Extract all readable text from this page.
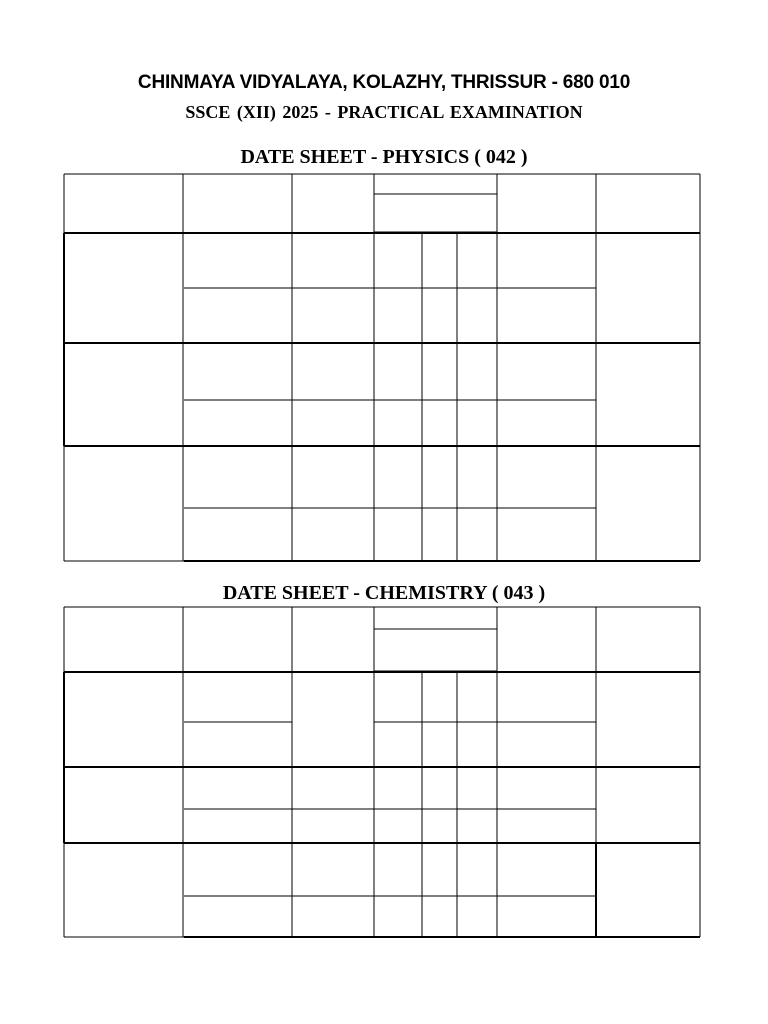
CHINMAYA VIDYALAYA, KOLAZHY, THRISSUR - 680 010
SSCE (XII) 2025 - PRACTICAL EXAMINATION
DATE SHEET - PHYSICS ( 042 )
DATE SHEET - CHEMISTRY ( 043 )
